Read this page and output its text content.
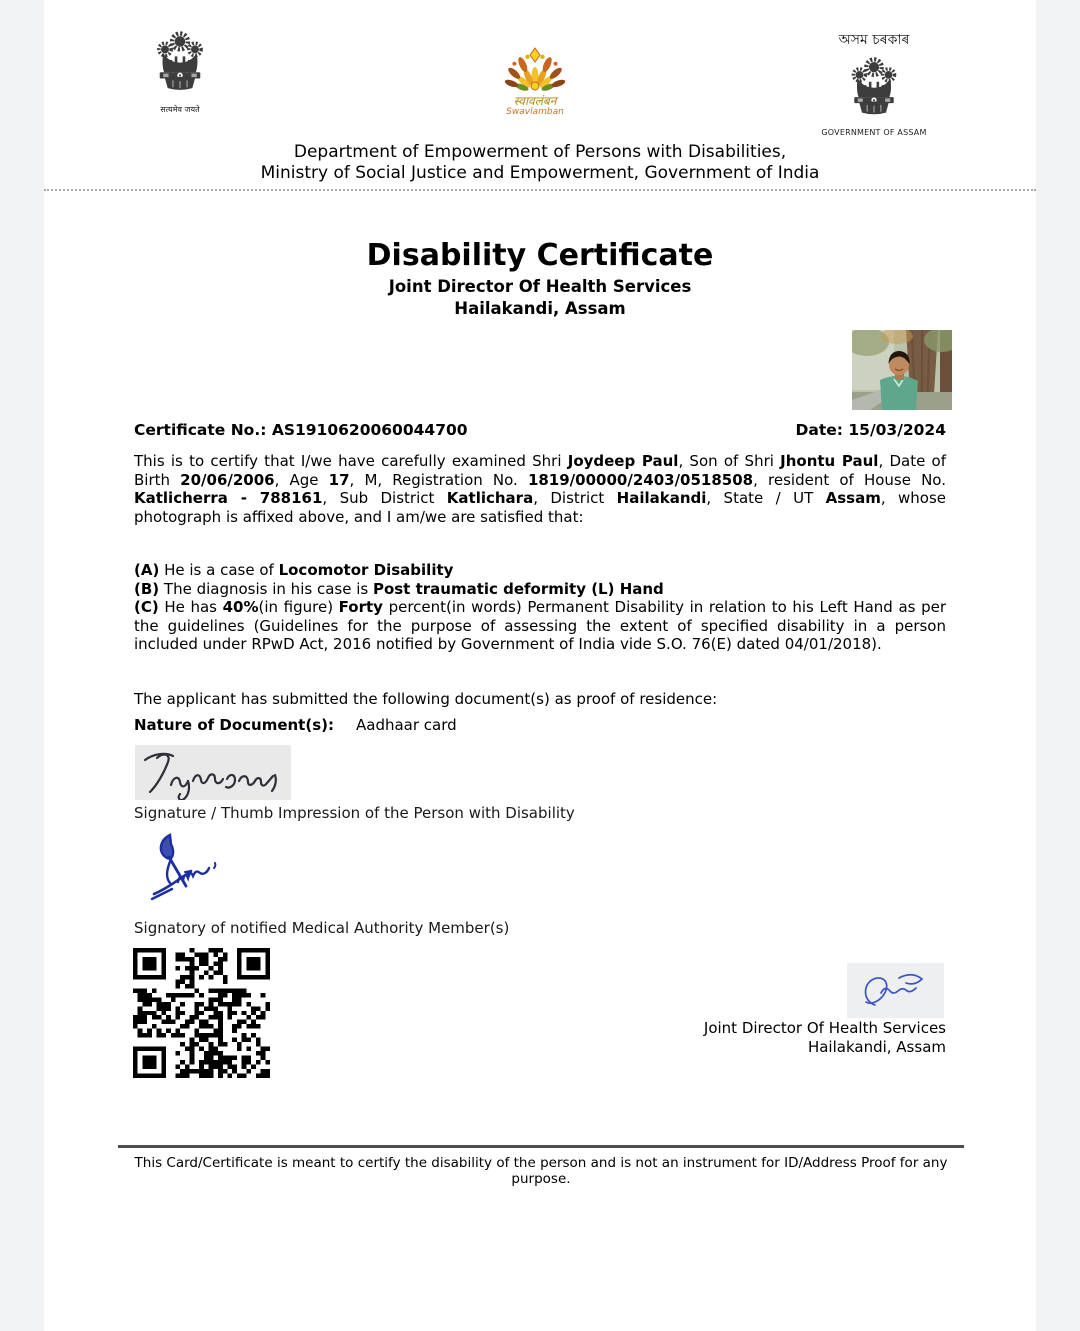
सत्यमेव जयते
स्वावलंबन
Swavlamban
অসম চৰকাৰ
GOVERNMENT OF ASSAM
Department of Empowerment of Persons with Disabilities,
Ministry of Social Justice and Empowerment, Government of India
Disability Certificate
Joint Director Of Health Services
Hailakandi, Assam
Certificate No.: AS1910620060044700	Date: 15/03/2024
This is to certify that I/we have carefully examined Shri Joydeep Paul, Son of Shri Jhontu Paul, Date of Birth 20/06/2006, Age 17, M, Registration No. 1819/00000/2403/0518508, resident of House No. Katlicherra - 788161, Sub District Katlichara, District Hailakandi, State / UT Assam, whose photograph is affixed above, and I am/we are satisfied that:
(A) He is a case of Locomotor Disability
(B) The diagnosis in his case is Post traumatic deformity (L) Hand
(C) He has 40%(in figure) Forty percent(in words) Permanent Disability in relation to his Left Hand as per the guidelines (Guidelines for the purpose of assessing the extent of specified disability in a person included under RPwD Act, 2016 notified by Government of India vide S.O. 76(E) dated 04/01/2018).
The applicant has submitted the following document(s) as proof of residence:
Nature of Document(s): Aadhaar card
Signature / Thumb Impression of the Person with Disability
Signatory of notified Medical Authority Member(s)
Joint Director Of Health Services
Hailakandi, Assam
This Card/Certificate is meant to certify the disability of the person and is not an instrument for ID/Address Proof for any purpose.
